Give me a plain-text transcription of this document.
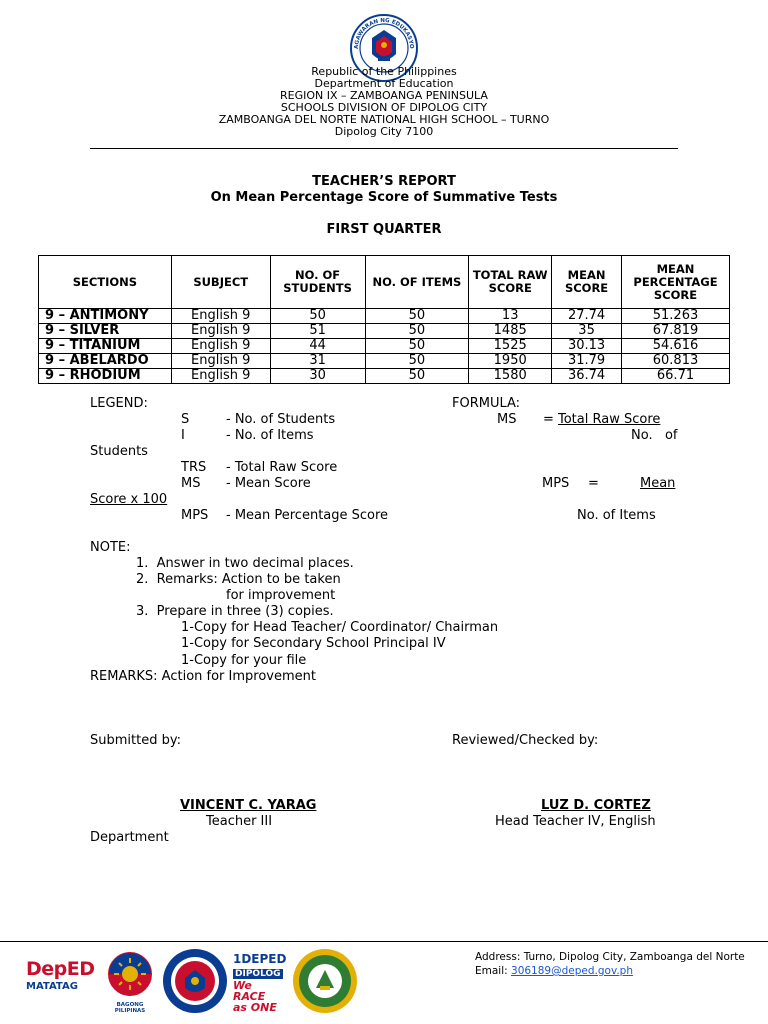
AGAWARAN NG EDUKASYO
Republic of the Philippines
Department of Education
REGION IX – ZAMBOANGA PENINSULA
SCHOOLS DIVISION OF DIPOLOG CITY
ZAMBOANGA DEL NORTE NATIONAL HIGH SCHOOL – TURNO
Dipolog City 7100
TEACHER’S REPORT
On Mean Percentage Score of Summative Tests
FIRST QUARTER
SECTIONS	SUBJECT	NO. OF STUDENTS	NO. OF ITEMS	TOTAL RAW SCORE	MEAN SCORE	MEAN PERCENTAGE SCORE
9 – ANTIMONY	English 9	50	50	13	27.74	51.263
9 – SILVER	English 9	51	50	1485	35	67.819
9 – TITANIUM	English 9	44	50	1525	30.13	54.616
9 – ABELARDO	English 9	31	50	1950	31.79	60.813
9 – RHODIUM	English 9	30	50	1580	36.74	66.71
LEGEND:
S	- No. of Students
I	- No. of Items
TRS - Total Raw Score
MS - Mean Score
MPS - Mean Percentage Score
FORMULA:
MS = Total Raw Score
No.   of
Students
MPS =	Mean
Score x 100
No. of Items
NOTE:
1.  Answer in two decimal places.
2.  Remarks: Action to be taken
for improvement
3.  Prepare in three (3) copies.
1-Copy for Head Teacher/ Coordinator/ Chairman
1-Copy for Secondary School Principal IV
1-Copy for your file
REMARKS: Action for Improvement
Submitted by:	Reviewed/Checked by:
VINCENT C. YARAG	LUZ D. CORTEZ
Teacher III	Head Teacher IV, English
Department
DepED
MATATAG
BAGONG PILIPINAS
1DEPED
DIPOLOG
We RACE
as ONE
Address: Turno, Dipolog City, Zamboanga del Norte
Email: 306189@deped.gov.ph
